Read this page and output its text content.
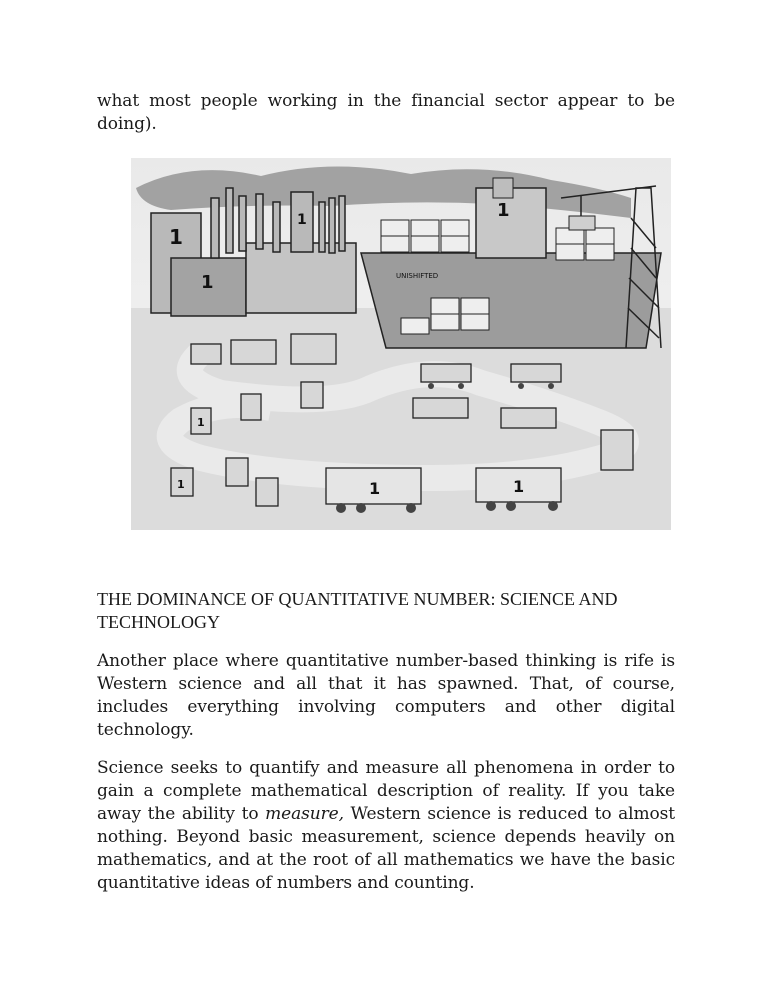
what most people working in the financial sector appear to be doing).

1
1
1	1
UNISHIFTED
1	1
1
1
THE DOMINANCE OF QUANTITATIVE NUMBER: SCIENCE AND TECHNOLOGY

Another place where quantitative number-based thinking is rife is Western science and all that it has spawned. That, of course, includes everything involving computers and other digital technology.

Science seeks to quantify and measure all phenomena in order to gain a complete mathematical description of reality. If you take away the ability to measure, Western science is reduced to almost nothing. Beyond basic measurement, science depends heavily on mathematics, and at the root of all mathematics we have the basic quantitative ideas of numbers and counting.
